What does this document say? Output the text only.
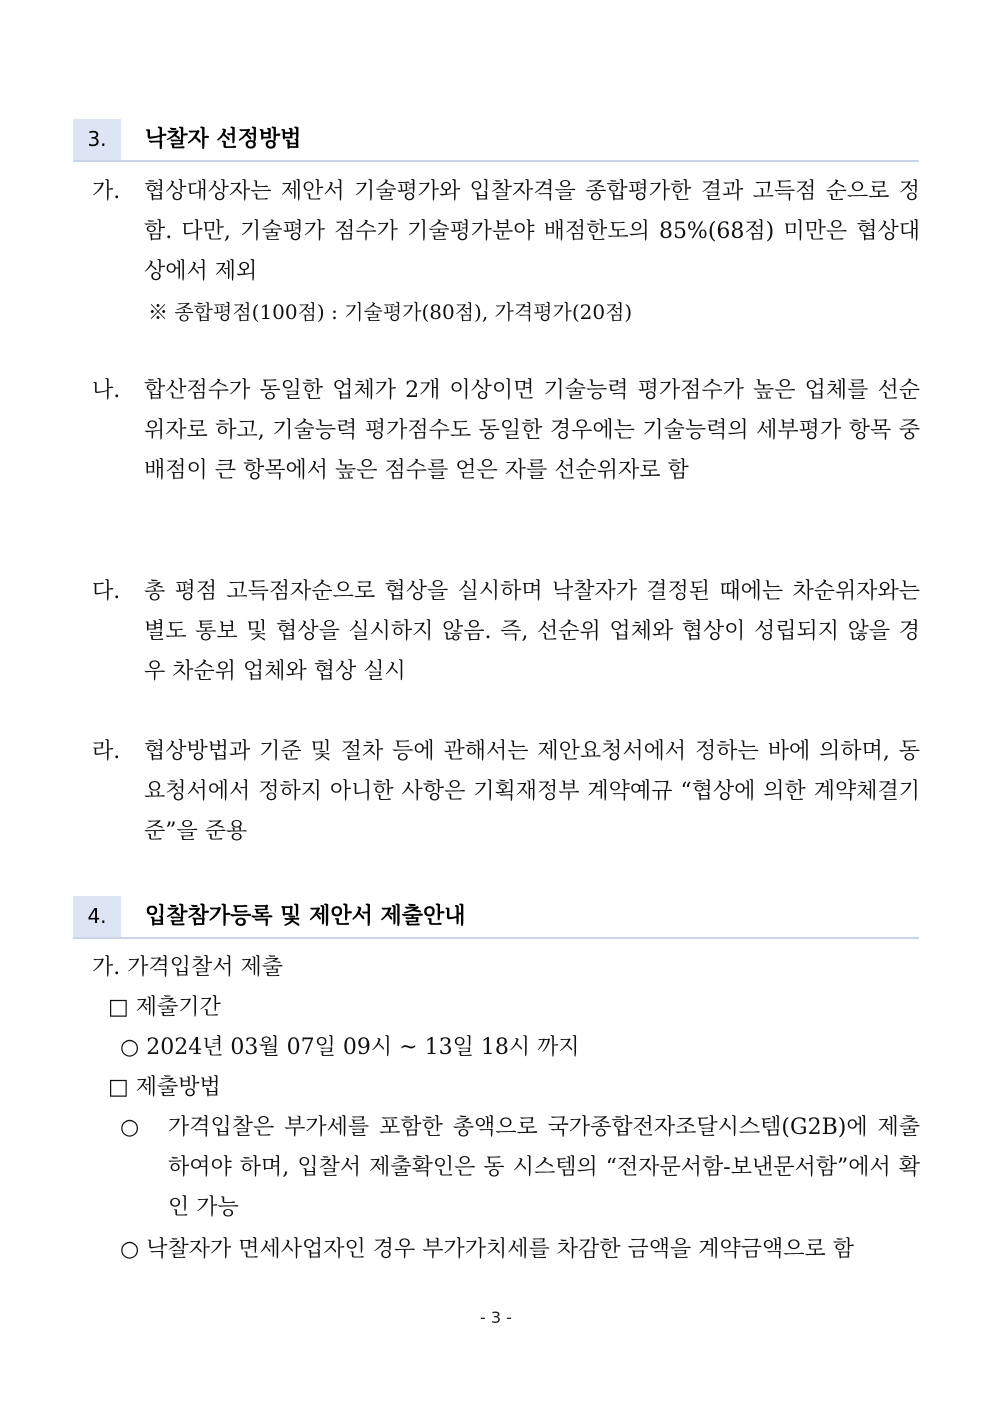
3.	낙찰자 선정방법
가. 협상대상자는 제안서 기술평가와 입찰자격을 종합평가한 결과 고득점 순으로 정함. 다만, 기술평가 점수가 기술평가분야 배점한도의 85%(68점) 미만은 협상대상에서 제외
※ 종합평점(100점) : 기술평가(80점), 가격평가(20점)
나. 합산점수가 동일한 업체가 2개 이상이면 기술능력 평가점수가 높은 업체를 선순위자로 하고, 기술능력 평가점수도 동일한 경우에는 기술능력의 세부평가 항목 중 배점이 큰 항목에서 높은 점수를 얻은 자를 선순위자로 함
다. 총 평점 고득점자순으로 협상을 실시하며 낙찰자가 결정된 때에는 차순위자와는 별도 통보 및 협상을 실시하지 않음. 즉, 선순위 업체와 협상이 성립되지 않을 경우 차순위 업체와 협상 실시
라. 협상방법과 기준 및 절차 등에 관해서는 제안요청서에서 정하는 바에 의하며, 동 요청서에서 정하지 아니한 사항은 기획재정부 계약예규 “협상에 의한 계약체결기준”을 준용
4.	입찰참가등록 및 제안서 제출안내
가. 가격입찰서 제출
□ 제출기간
○ 2024년 03월 07일 09시 ~ 13일 18시 까지
□ 제출방법
○ 가격입찰은 부가세를 포함한 총액으로 국가종합전자조달시스템(G2B)에 제출하여야 하며, 입찰서 제출확인은 동 시스템의 “전자문서함-보낸문서함”에서 확인 가능
○ 낙찰자가 면세사업자인 경우 부가가치세를 차감한 금액을 계약금액으로 함
- 3 -
